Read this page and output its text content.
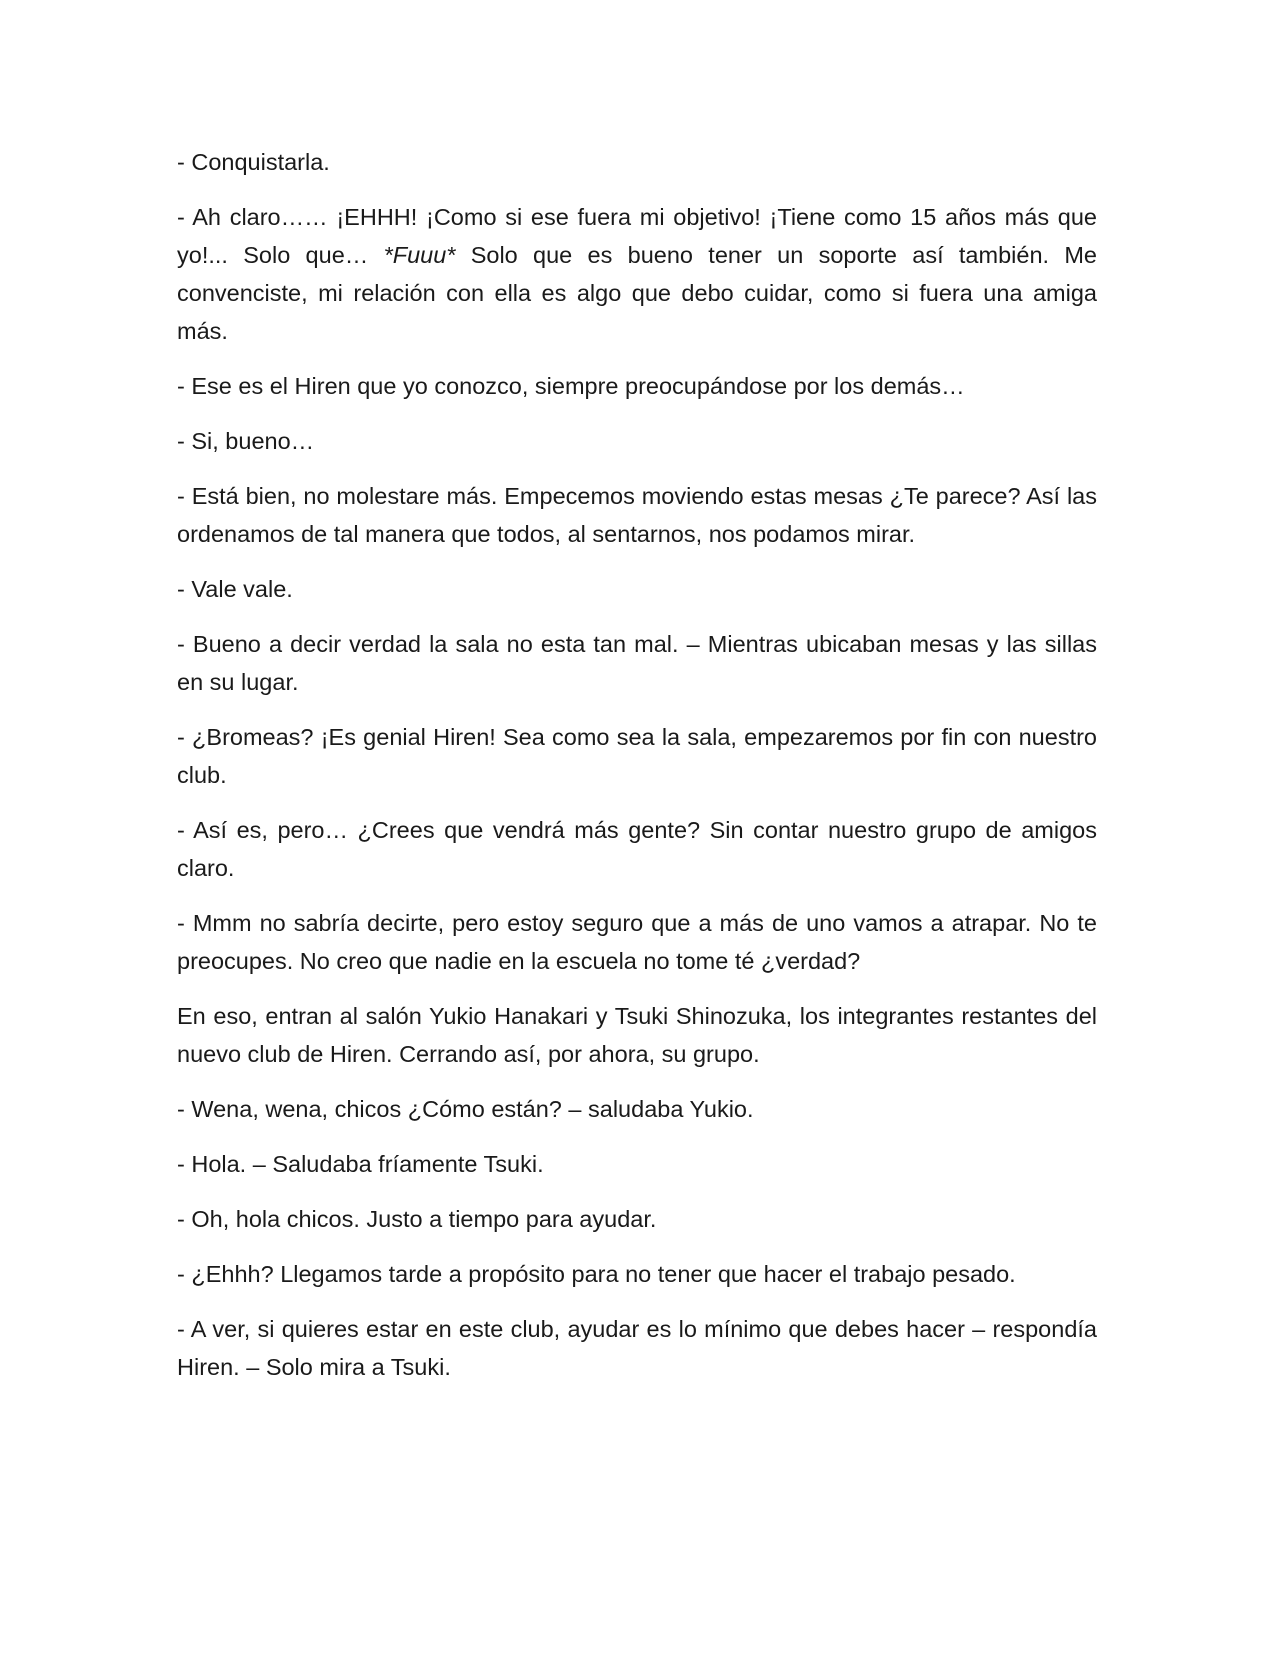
- Conquistarla.

- Ah claro…… ¡EHHH! ¡Como si ese fuera mi objetivo! ¡Tiene como 15 años más que yo!... Solo que… *Fuuu* Solo que es bueno tener un soporte así también. Me convenciste, mi relación con ella es algo que debo cuidar, como si fuera una amiga más.

- Ese es el Hiren que yo conozco, siempre preocupándose por los demás…

- Si, bueno…

- Está bien, no molestare más. Empecemos moviendo estas mesas ¿Te parece? Así las ordenamos de tal manera que todos, al sentarnos, nos podamos mirar.

- Vale vale.

- Bueno a decir verdad la sala no esta tan mal. – Mientras ubicaban mesas y las sillas en su lugar.

- ¿Bromeas? ¡Es genial Hiren! Sea como sea la sala, empezaremos por fin con nuestro club.

- Así es, pero… ¿Crees que vendrá más gente? Sin contar nuestro grupo de amigos claro.

- Mmm no sabría decirte, pero estoy seguro que a más de uno vamos a atrapar. No te preocupes. No creo que nadie en la escuela no tome té ¿verdad?

En eso, entran al salón Yukio Hanakari y Tsuki Shinozuka, los integrantes restantes del nuevo club de Hiren. Cerrando así, por ahora, su grupo.

- Wena, wena, chicos ¿Cómo están? – saludaba Yukio.

- Hola. – Saludaba fríamente Tsuki.

- Oh, hola chicos. Justo a tiempo para ayudar.

- ¿Ehhh? Llegamos tarde a propósito para no tener que hacer el trabajo pesado.

- A ver, si quieres estar en este club, ayudar es lo mínimo que debes hacer – respondía Hiren. – Solo mira a Tsuki.
